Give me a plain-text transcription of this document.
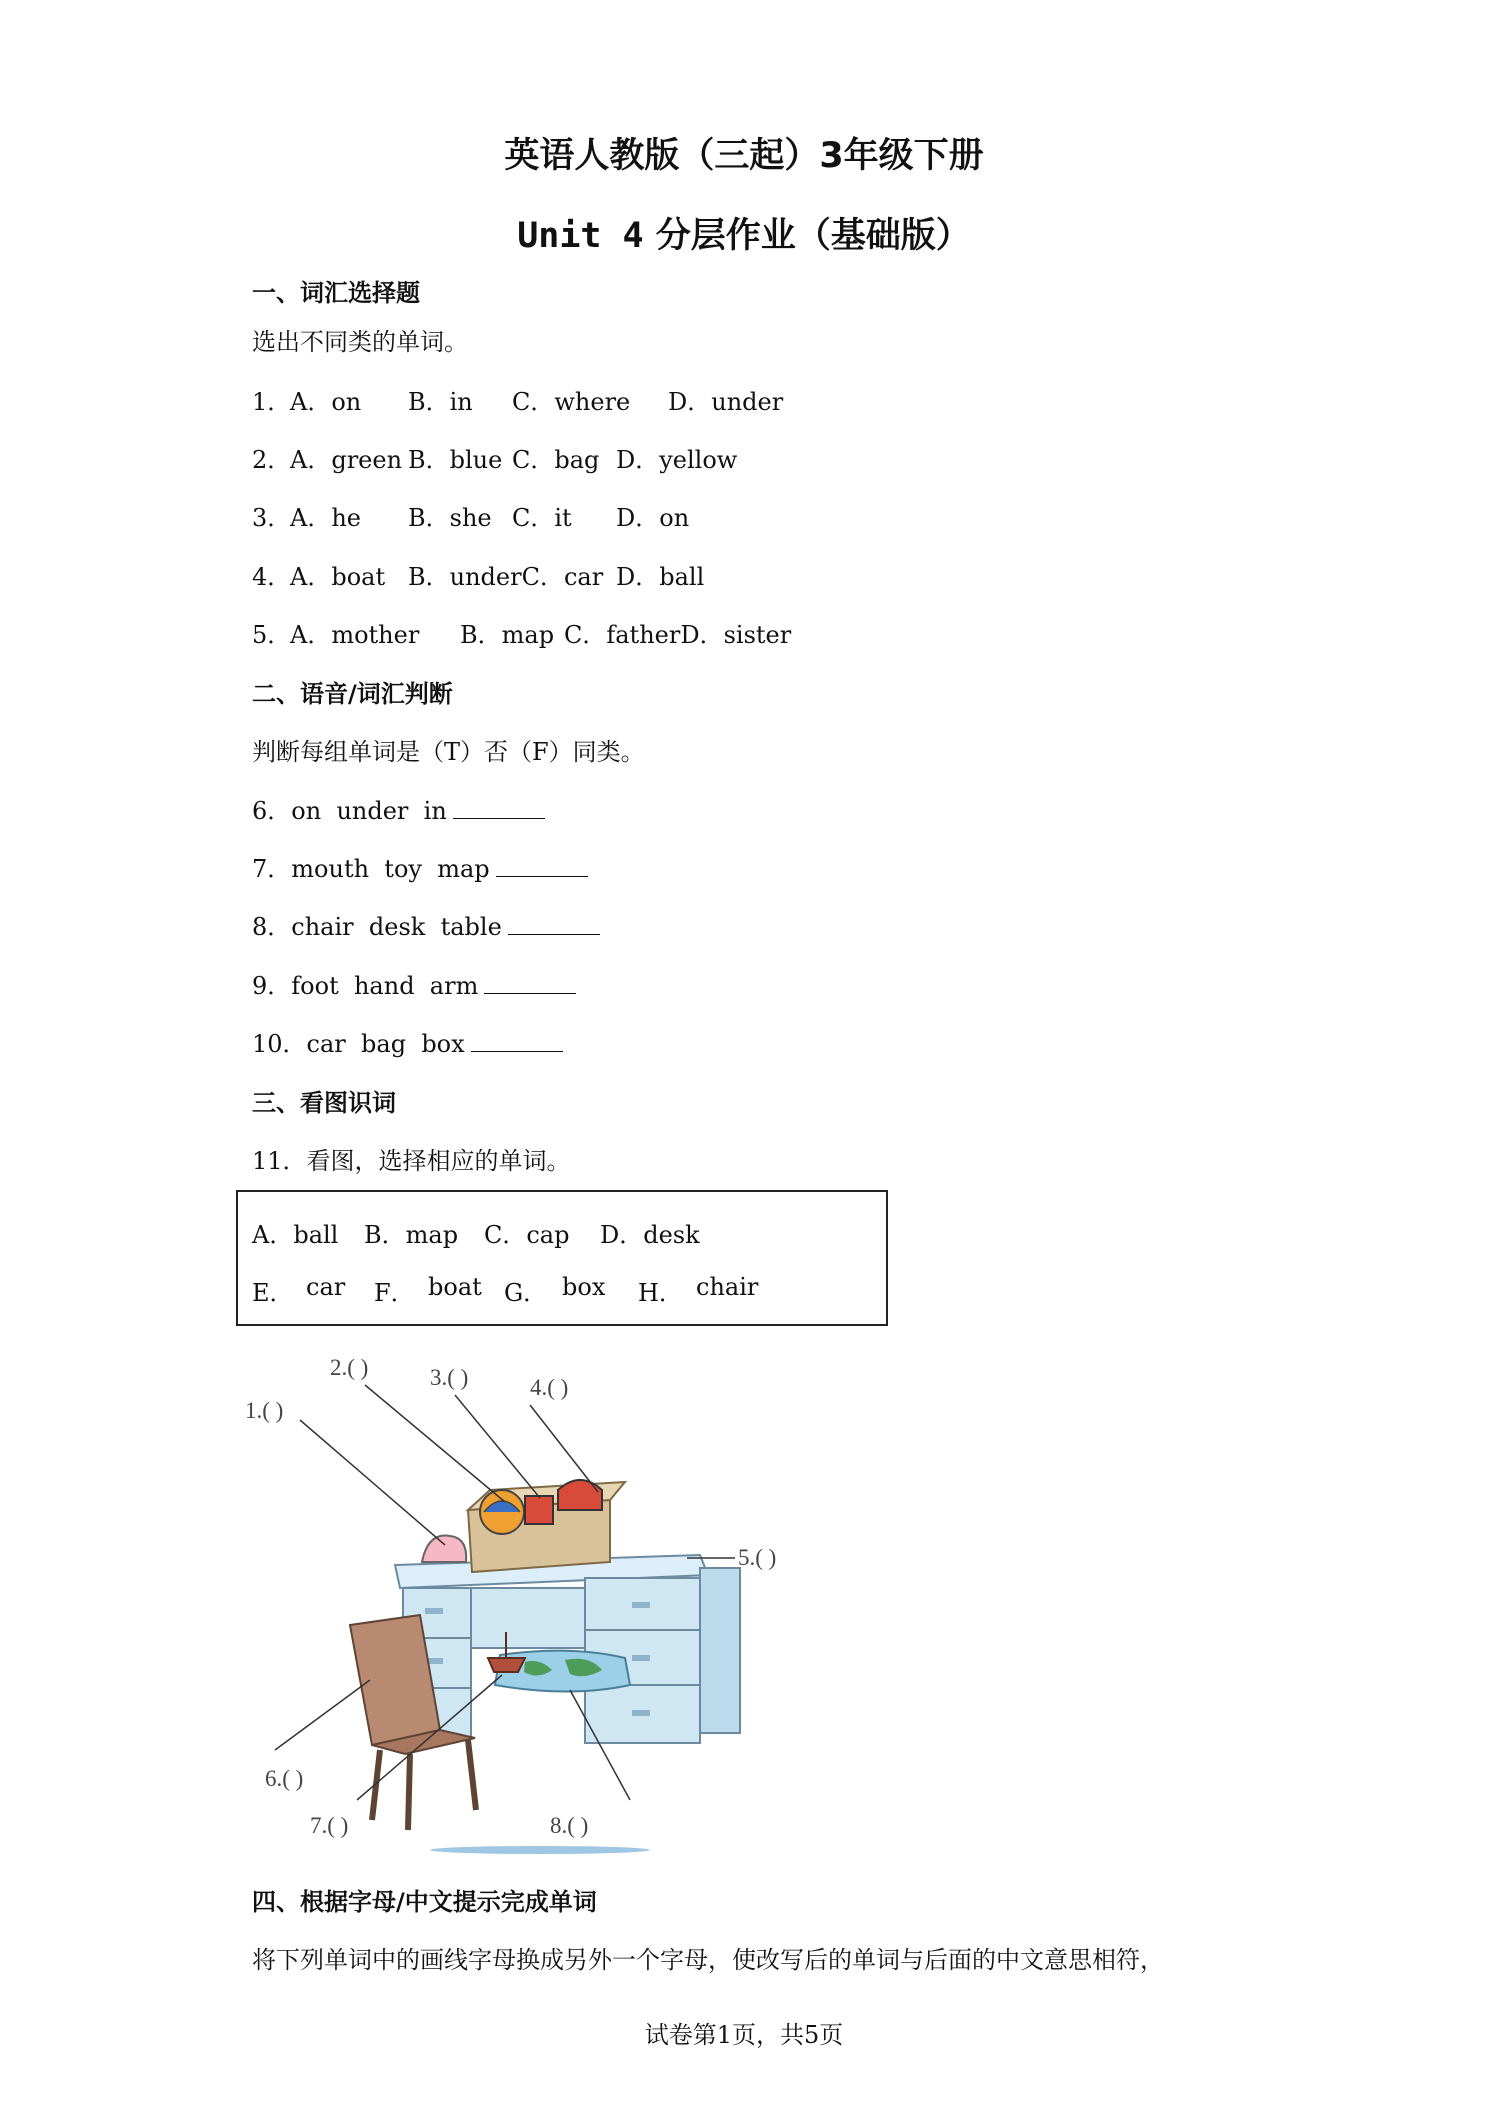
英语人教版（三起）3年级下册
Unit 4 分层作业（基础版）
一、词汇选择题
选出不同类的单词。
1．
A．on B．in C．where D．under
2．
A．green B．blue C．bag D．yellow
3．
A．he B．she C．it D．on
4．
A．boat B．underC．car D．ball
5．
A．mother B．map C．fatherD．sister
二、语音/词汇判断
判断每组单词是（T）否（F）同类。
6．on  under  in
7．mouth  toy  map
8．chair  desk  table
9．foot  hand  arm
10．car  bag  box
三、看图识词
11．看图，选择相应的单词。
A．ball B．map C．cap D．desk
E． car F． boat G． box H． chair
2.( )	3.( )	4.( )
1.( )
5.( )
6.( )
7.( )	8.( )
四、根据字母/中文提示完成单词
将下列单词中的画线字母换成另外一个字母，使改写后的单词与后面的中文意思相符，
试卷第1页，共5页
